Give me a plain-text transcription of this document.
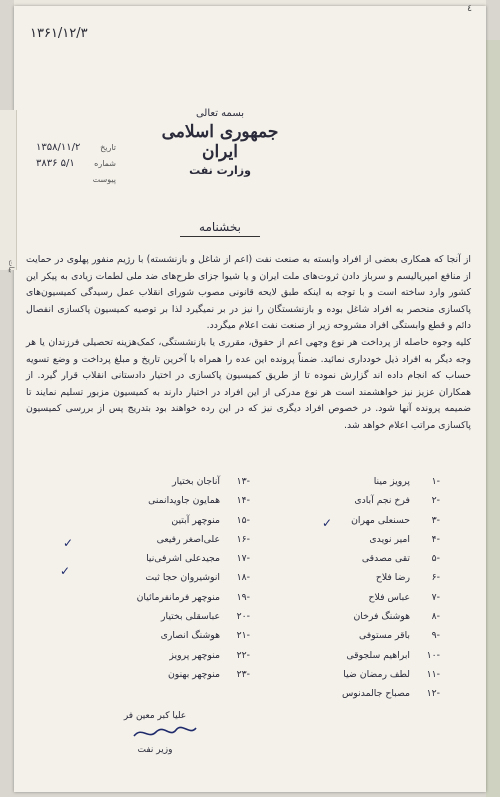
بیات
٤
۱۳۶۱/۱۲/۳
بسمه تعالی
جمهوری اسلامی ایران
وزارت نفت
تاریخ
۱۳۵۸/۱۱/۲
شماره
۵/۱ ۳۸۳۶
پیوست
بخشنامه

از آنجا که همکاری بعضی از افراد وابسته به صنعت نفت (اعم از شاغل و بازنشسته) با رژیم منفور پهلوی در حمایت از منافع امپریالیسم و سرباز دادن ثروت‌های ملت ایران و یا شیوا جزای طرح‌های ضد ملی لطمات زیادی به پیکر این کشور وارد ساخته است و با توجه به اینکه طبق لایحه قانونی مصوب شورای انقلاب عمل رسیدگی کمیسیون‌های پاکسازی منحصر به افراد شاغل بوده و بازنشستگان را نیز در بر نمیگیرد لذا بر توصیه کمیسیون پاکسازی انفصال دائم و قطع وابستگی افراد مشروحه زیر از صنعت نفت اعلام میگردد.

کلیه وجوه حاصله از پرداخت هر نوع وجهی اعم از حقوق، مقرری یا بازنشستگی، کمک‌هزینه تحصیلی فرزندان یا هر وجه دیگر به افراد ذیل خودداری نمائید. ضمناً پرونده این عده را همراه با آخرین تاریخ و مبلغ پرداخت و وضع تسویه حساب که انجام داده اند گزارش نموده تا از طریق کمیسیون پاکسازی در اختیار دادستانی انقلاب قرار گیرد. از همکاران عزیز نیز خواهشمند است هر نوع مدرکی از این افراد در اختیار دارند به کمیسیون مزبور تسلیم نمایند تا ضمیمه پرونده آنها شود. در خصوص افراد دیگری نیز که در این رده خواهند بود بتدریج پس از بررسی کمیسیون پاکسازی مراتب اعلام خواهد شد.

-۱
پرویز مینا
-۲
فرخ نجم آبادی
-۳
حسنعلی مهران
-۴
امیر نویدی
-۵
تقی مصدقی
-۶
رضا فلاح
-۷
عباس فلاح
-۸
هوشنگ فرخان
-۹
باقر مستوفی
-۱۰
ابراهیم سلجوقی
-۱۱
لطف رمضان ضیا
-۱۲
مصباح جالمدنوس
-۱۳
آناجان بختیار
-۱۴
همایون جاویدانمنی
-۱۵
منوچهر آبتین
-۱۶
علی‌اصغر رفیعی
-۱۷
مجیدعلی اشرفی‌نیا
-۱۸
انوشیروان حجا ثبت
-۱۹
منوچهر فرمانفرمائیان
-۲۰
عباسقلی بختیار
-۲۱
هوشنگ انصاری
-۲۲
منوچهر پرویز
-۲۳
منوچهر بهنون
✓
✓
✓
علیا کبر معین فر
وزیر نفت
